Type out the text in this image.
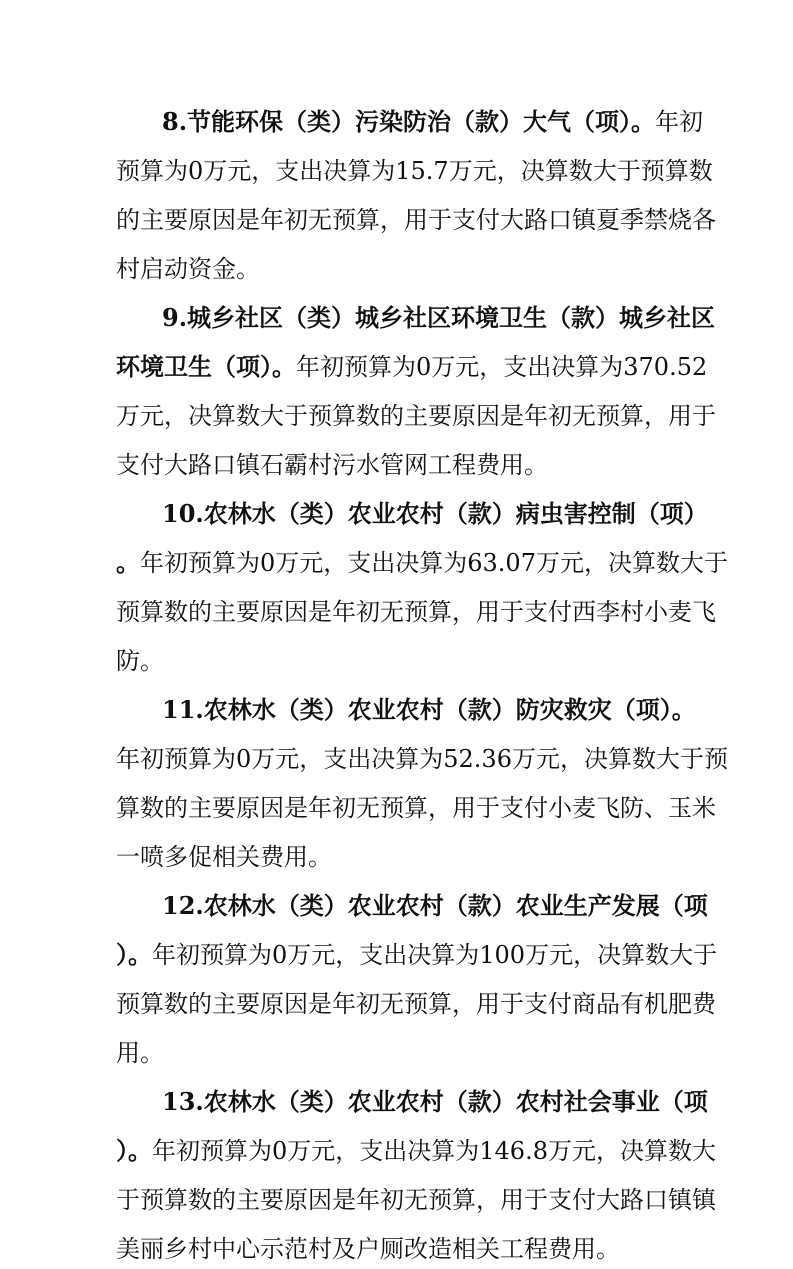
8.节能环保（类）污染防治（款）大气（项）。年初
预算为0万元，支出决算为15.7万元，决算数大于预算数
的主要原因是年初无预算，用于支付大路口镇夏季禁烧各
村启动资金。
9.城乡社区（类）城乡社区环境卫生（款）城乡社区
环境卫生（项）。年初预算为0万元，支出决算为370.52
万元，决算数大于预算数的主要原因是年初无预算，用于
支付大路口镇石霸村污水管网工程费用。
10.农林水（类）农业农村（款）病虫害控制（项）
。年初预算为0万元，支出决算为63.07万元，决算数大于
预算数的主要原因是年初无预算，用于支付西李村小麦飞
防。
11.农林水（类）农业农村（款）防灾救灾（项）。
年初预算为0万元，支出决算为52.36万元，决算数大于预
算数的主要原因是年初无预算，用于支付小麦飞防、玉米
一喷多促相关费用。
12.农林水（类）农业农村（款）农业生产发展（项
）。年初预算为0万元，支出决算为100万元，决算数大于
预算数的主要原因是年初无预算，用于支付商品有机肥费
用。
13.农林水（类）农业农村（款）农村社会事业（项
）。年初预算为0万元，支出决算为146.8万元，决算数大
于预算数的主要原因是年初无预算，用于支付大路口镇镇
美丽乡村中心示范村及户厕改造相关工程费用。
